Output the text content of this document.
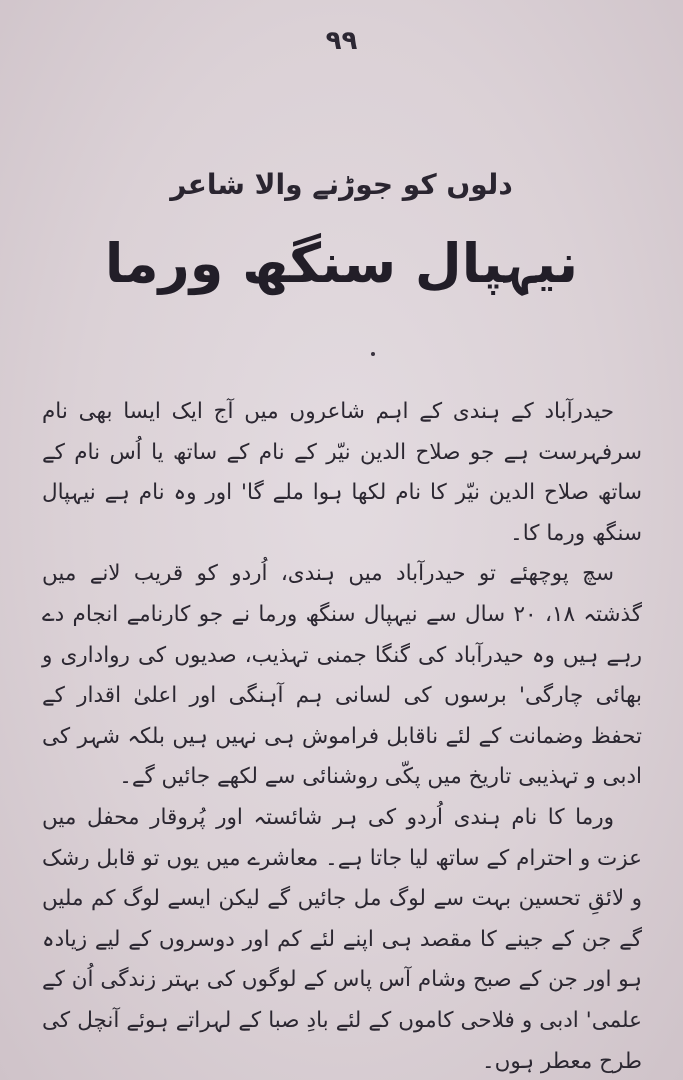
٩٩
دلوں کو جوڑنے والا شاعر
نیہپال سنگھ ورما

حیدرآباد کے ہندی کے اہم شاعروں میں آج ایک ایسا بھی نام سرفہرست ہے جو صلاح الدین نیّر کے نام کے ساتھ یا اُس نام کے ساتھ صلاح الدین نیّر کا نام لکھا ہوا ملے گا' اور وہ نام ہے نیہپال سنگھ ورما کا۔

سچ پوچھئے تو حیدرآباد میں ہندی، اُردو کو قریب لانے میں گذشتہ ۱۸، ۲۰ سال سے نیہپال سنگھ ورما نے جو کارنامے انجام دے رہے ہیں وہ حیدرآباد کی گنگا جمنی تہذیب، صدیوں کی رواداری و بھائی چارگی' برسوں کی لسانی ہم آہنگی اور اعلیٰ اقدار کے تحفظ وضمانت کے لئے ناقابل فراموش ہی نہیں ہیں بلکہ شہر کی ادبی و تہذیبی تاریخ میں پکّی روشنائی سے لکھے جائیں گے۔

ورما کا نام ہندی اُردو کی ہر شائستہ اور پُروقار محفل میں عزت و احترام کے ساتھ لیا جاتا ہے۔ معاشرے میں یوں تو قابل رشک و لائقِ تحسین بہت سے لوگ مل جائیں گے لیکن ایسے لوگ کم ملیں گے جن کے جینے کا مقصد ہی اپنے لئے کم اور دوسروں کے لیے زیادہ ہو اور جن کے صبح وشام آس پاس کے لوگوں کی بہتر زندگی اُن کے علمی' ادبی و فلاحی کاموں کے لئے بادِ صبا کے لہراتے ہوئے آنچل کی طرح معطر ہوں۔
